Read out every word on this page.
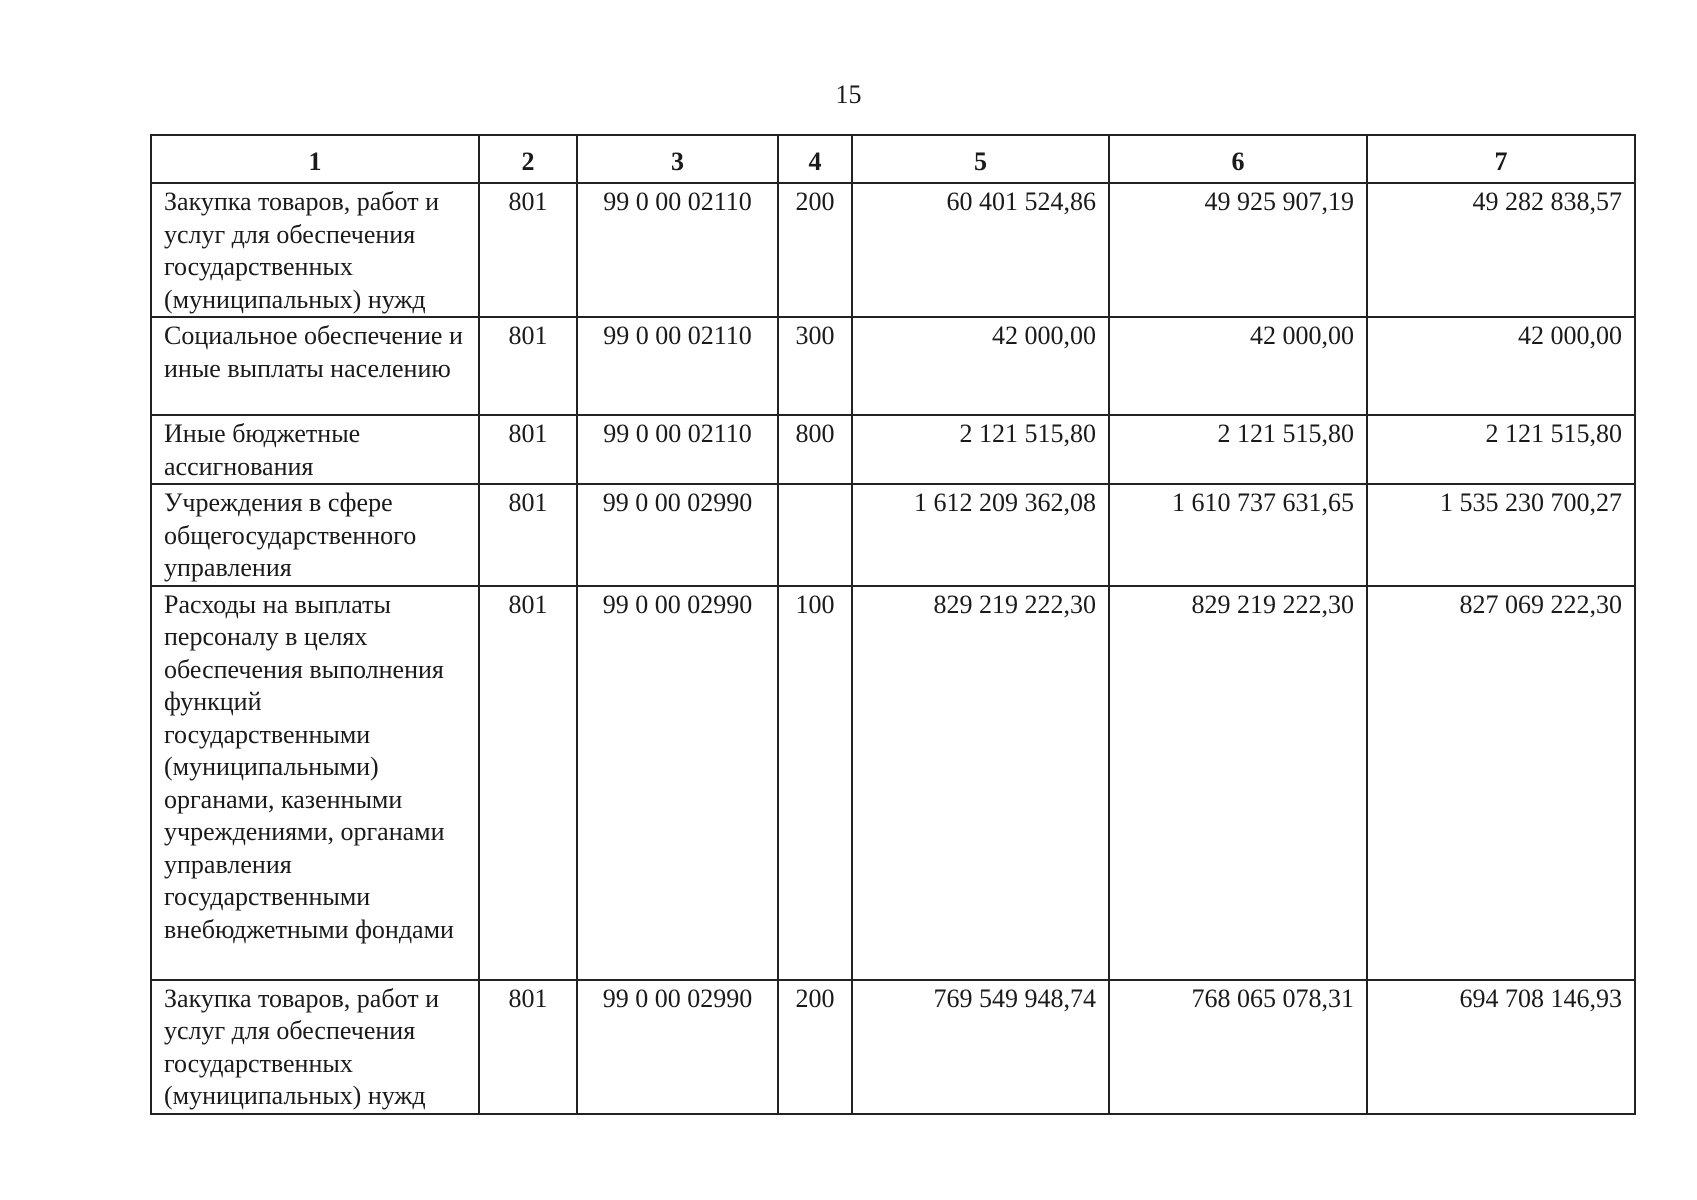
15
1	2	3	4	5	6	7
Закупка товаров, работ и услуг для обеспечения государственных (муниципальных) нужд	801	99 0 00 02110	200	60 401 524,86	49 925 907,19	49 282 838,57
Социальное обеспечение и иные выплаты населению	801	99 0 00 02110	300	42 000,00	42 000,00	42 000,00
Иные бюджетные ассигнования	801	99 0 00 02110	800	2 121 515,80	2 121 515,80	2 121 515,80
Учреждения в сфере общегосударственного управления	801	99 0 00 02990		1 612 209 362,08	1 610 737 631,65	1 535 230 700,27
Расходы на выплаты персоналу в целях обеспечения выполнения функций государственными (муниципальными) органами, казенными учреждениями, органами управления государственными внебюджетными фондами	801	99 0 00 02990	100	829 219 222,30	829 219 222,30	827 069 222,30
Закупка товаров, работ и услуг для обеспечения государственных (муниципальных) нужд	801	99 0 00 02990	200	769 549 948,74	768 065 078,31	694 708 146,93
